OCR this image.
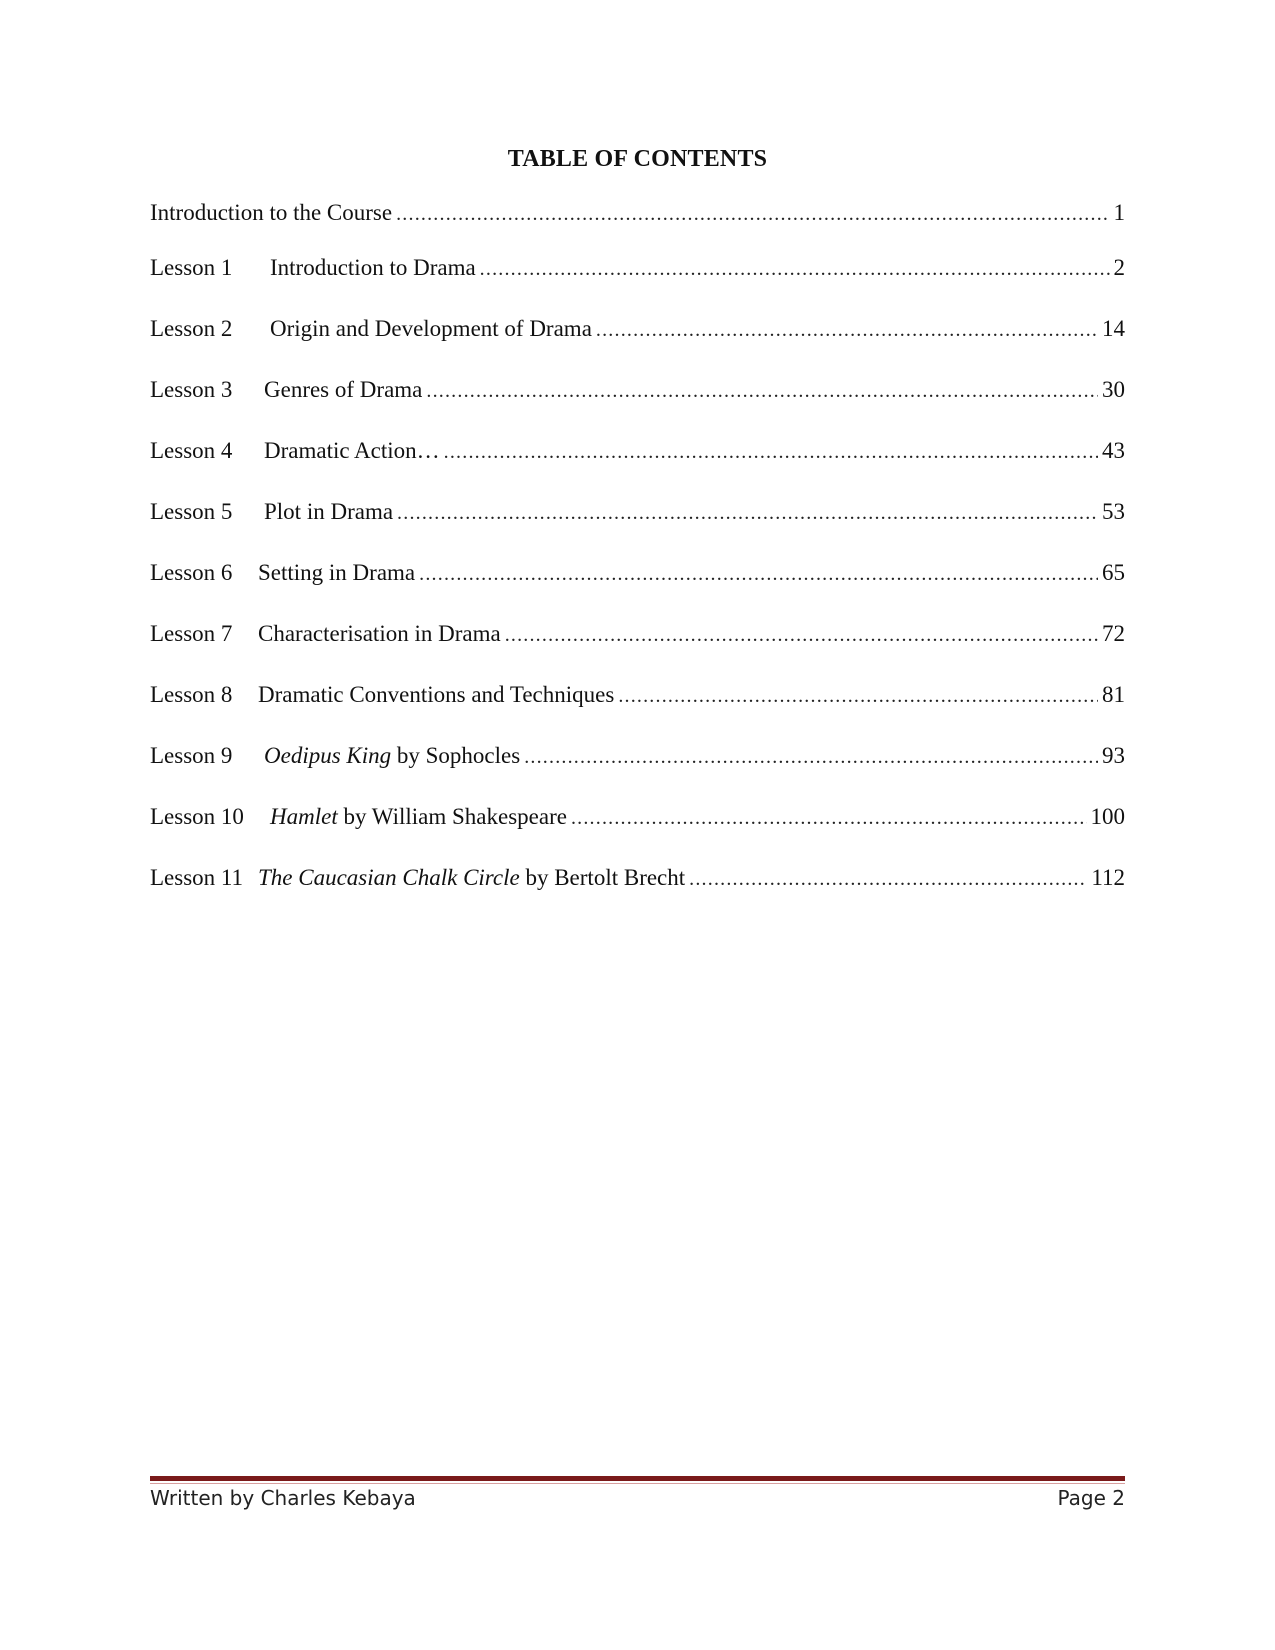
TABLE OF CONTENTS
Introduction to the Course .....	1
Lesson 1	Introduction to Drama .....	2
Lesson 2	Origin and Development of Drama .....	14
Lesson 3	Genres of Drama .....	30
Lesson 4	Dramatic Action… .....	43
Lesson 5	Plot in Drama .....	53
Lesson 6	Setting in Drama .....	65
Lesson 7	Characterisation in Drama .....	72
Lesson 8	Dramatic Conventions and Techniques .....	81
Lesson 9	Oedipus King by Sophocles .....	93
Lesson 10	Hamlet by William Shakespeare .....	100
Lesson 11 The Caucasian Chalk Circle by Bertolt Brecht .....	112
Written by Charles Kebaya	Page 2
